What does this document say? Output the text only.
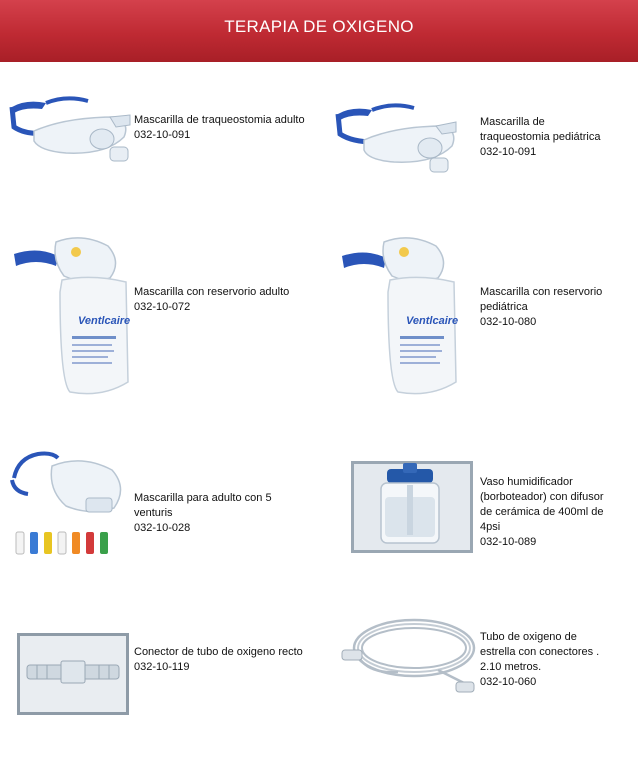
TERAPIA DE OXIGENO
Mascarilla de traqueostomia adulto
032-10-091
Mascarilla de
traqueostomia pediátrica
032-10-091
Ventlcaire
Mascarilla con reservorio adulto
032-10-072
Ventlcaire
Mascarilla con reservorio
pediátrica
032-10-080
Mascarilla para adulto con 5
venturis
032-10-028
Vaso humidificador
(borboteador) con difusor
de cerámica de 400ml de
4psi
032-10-089
Conector de tubo de oxigeno recto
032-10-119
Tubo de oxigeno de
estrella con conectores .
2.10 metros.
032-10-060
